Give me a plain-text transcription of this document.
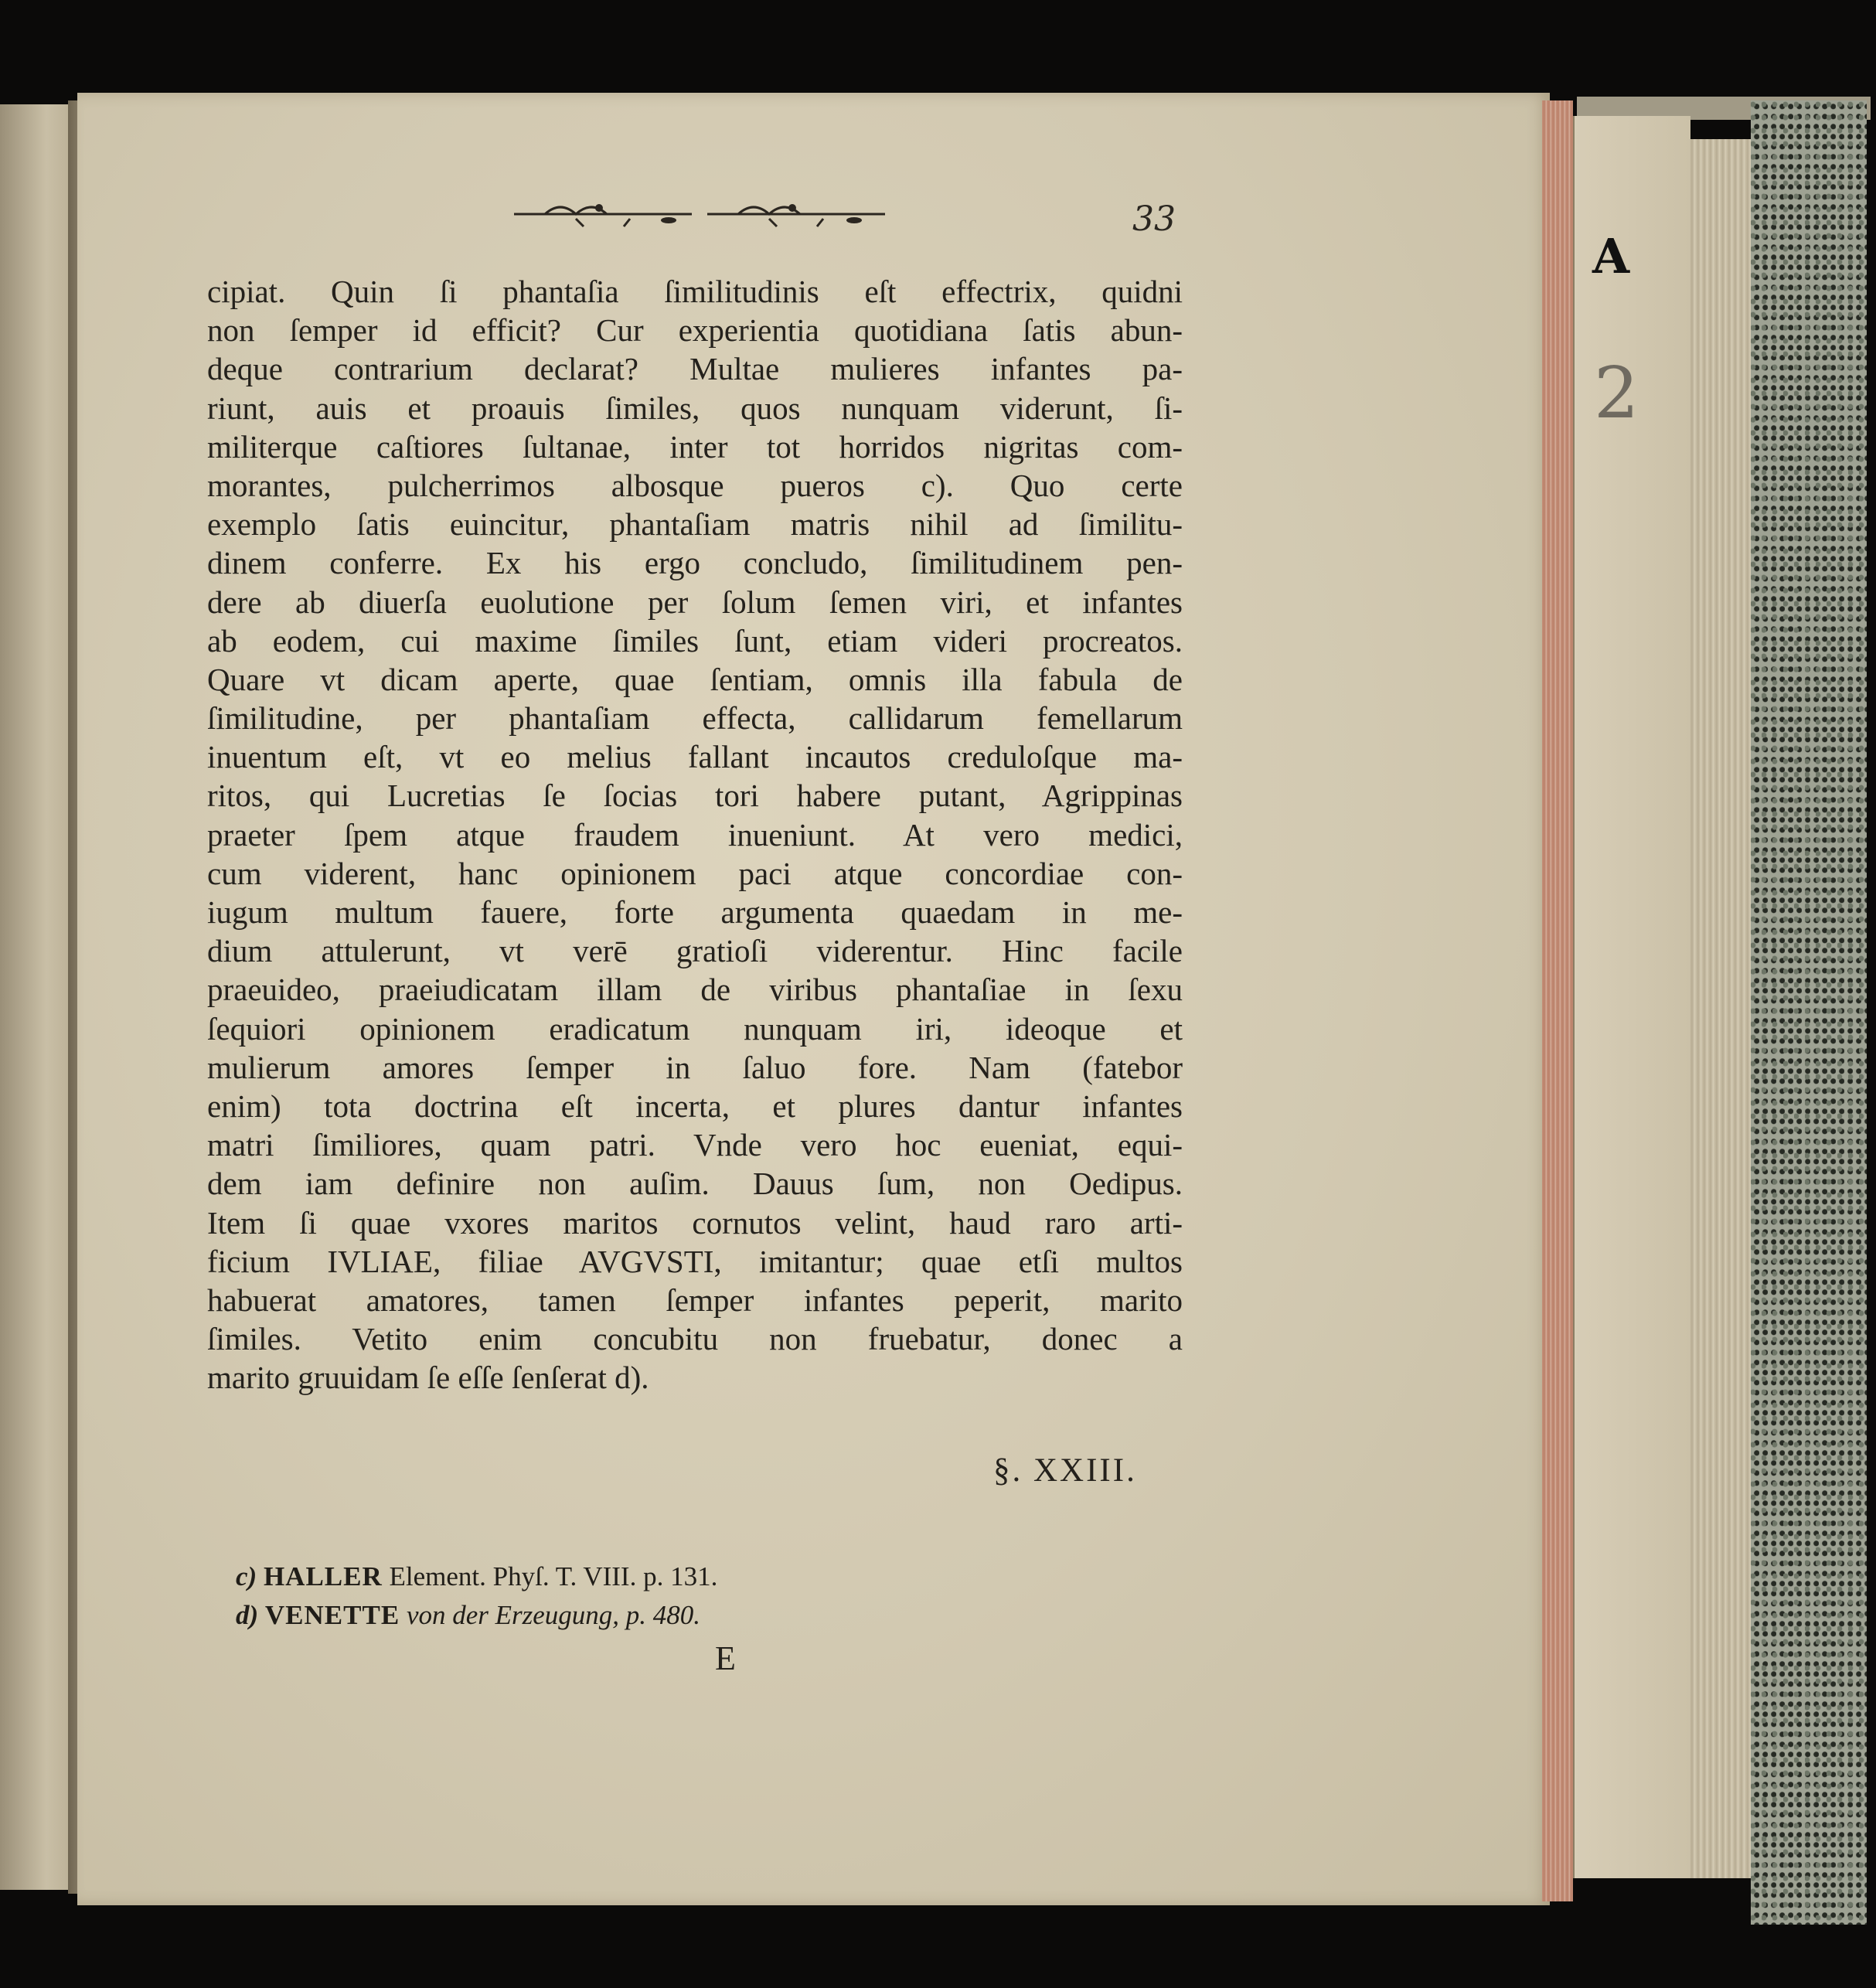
A

2

33

cipiat. Quin ſi phantaſia ſimilitudinis eſt effectrix, quidni
non ſemper id efficit? Cur experientia quotidiana ſatis abun-
deque contrarium declarat? Multae mulieres infantes pa-
riunt, auis et proauis ſimiles, quos nunquam viderunt, ſi-
militerque caſtiores ſultanae, inter tot horridos nigritas com-
morantes, pulcherrimos albosque pueros c). Quo certe
exemplo ſatis euincitur, phantaſiam matris nihil ad ſimilitu-
dinem conferre. Ex his ergo concludo, ſimilitudinem pen-
dere ab diuerſa euolutione per ſolum ſemen viri, et infantes
ab eodem, cui maxime ſimiles ſunt, etiam videri procreatos.
Quare vt dicam aperte, quae ſentiam, omnis illa fabula de
ſimilitudine, per phantaſiam effecta, callidarum femellarum
inuentum eſt, vt eo melius fallant incautos creduloſque ma-
ritos, qui Lucretias ſe ſocias tori habere putant, Agrippinas
praeter ſpem atque fraudem inueniunt. At vero medici,
cum viderent, hanc opinionem paci atque concordiae con-
iugum multum fauere, forte argumenta quaedam in me-
dium attulerunt, vt verē gratioſi viderentur. Hinc facile
praeuideo, praeiudicatam illam de viribus phantaſiae in ſexu
ſequiori opinionem eradicatum nunquam iri, ideoque et
mulierum amores ſemper in ſaluo fore. Nam (fatebor
enim) tota doctrina eſt incerta, et plures dantur infantes
matri ſimiliores, quam patri. Vnde vero hoc eueniat, equi-
dem iam definire non auſim. Dauus ſum, non Oedipus.
Item ſi quae vxores maritos cornutos velint, haud raro arti-
ficium IVLIAE, filiae AVGVSTI, imitantur; quae etſi multos
habuerat amatores, tamen ſemper infantes peperit, marito
ſimiles. Vetito enim concubitu non fruebatur, donec a
marito gruuidam ſe eſſe ſenſerat d).

§. XXIII.

c) HALLER Element. Phyſ. T. VIII. p. 131.
d) VENETTE von der Erzeugung, p. 480.

E
